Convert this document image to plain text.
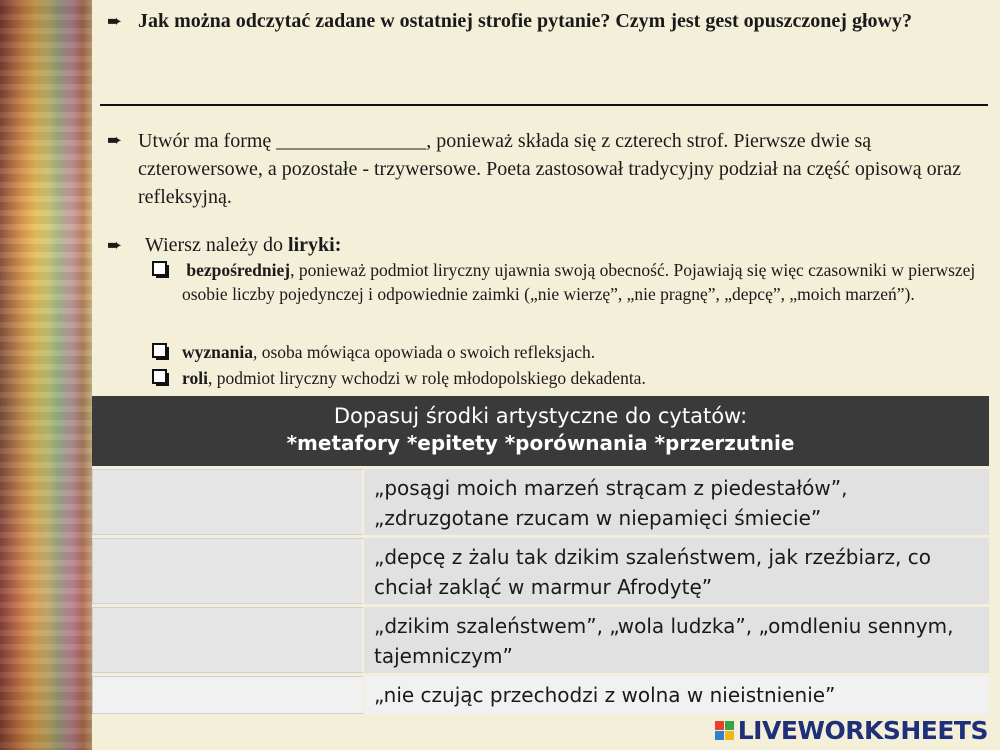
➨ Jak można odczytać zadane w ostatniej strofie pytanie? Czym jest gest opuszczonej głowy?
➨ Utwór ma formę _______________, ponieważ składa się z czterech strof. Pierwsze dwie są czterowersowe, a pozostałe - trzywersowe. Poeta zastosował tradycyjny podział na część opisową oraz refleksyjną.
➨ Wiersz należy do liryki:
bezpośredniej, ponieważ podmiot liryczny ujawnia swoją obecność. Pojawiają się więc czasowniki w pierwszej osobie liczby pojedynczej i odpowiednie zaimki („nie wierzę”, „nie pragnę”, „depcę”, „moich marzeń”).
wyznania, osoba mówiąca opowiada o swoich refleksjach.
roli, podmiot liryczny wchodzi w rolę młodopolskiego dekadenta.
Dopasuj środki artystyczne do cytatów:
*metafory *epitety *porównania *przerzutnie
„posągi moich marzeń strącam z piedestałów”, „zdruzgotane rzucam w niepamięci śmiecie”
„depcę z żalu tak dzikim szaleństwem, jak rzeźbiarz, co chciał zakląć w marmur Afrodytę”
„dzikim szaleństwem”, „wola ludzka”, „omdleniu sennym, tajemniczym”
„nie czując przechodzi z wolna w nieistnienie”
LIVEWORKSHEETS
